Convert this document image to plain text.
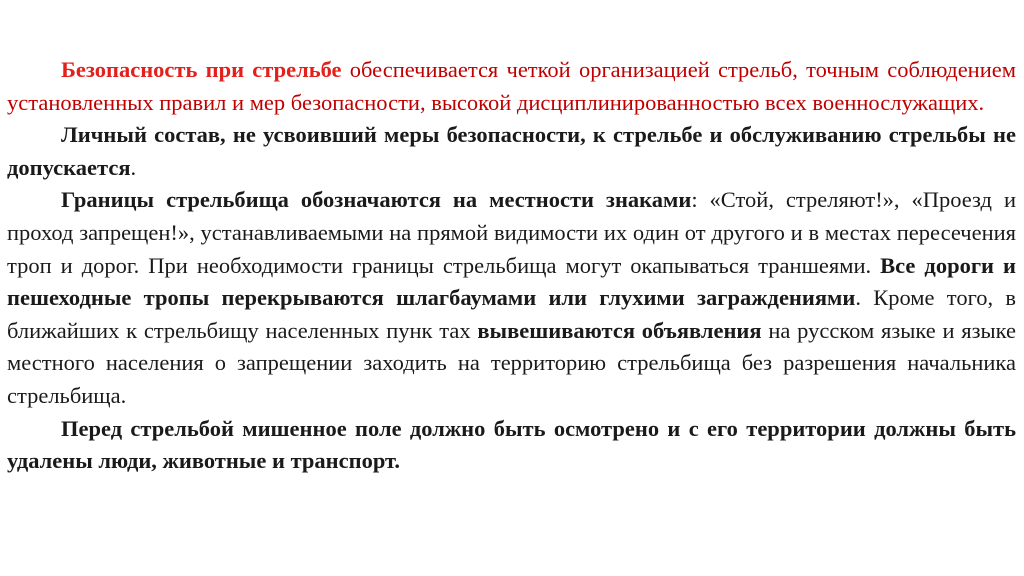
Безопасность при стрельбе обеспечивается четкой организацией стрельб, точным соблюдением установленных правил и мер безопасности, высокой дисциплинированностью всех военнослужащих.

Личный состав, не усвоивший меры безопасности, к стрельбе и обслуживанию стрельбы не допускается.

Границы стрельбища обозначаются на местности знаками: «Стой, стреляют!», «Проезд и проход запрещен!», устанавливаемыми на прямой видимости их один от другого и в местах пересечения троп и дорог. При необходимости границы стрельбища могут окапываться траншеями. Все дороги и пешеходные тропы перекрываются шлагбаумами или глухими заграждениями. Кроме того, в ближайших к стрельбищу населенных пунк тах вывешиваются объявления на русском языке и языке местного населения о запрещении заходить на территорию стрельбища без разрешения начальника стрельбища.

Перед стрельбой мишенное поле должно быть осмотрено и с его территории должны быть удалены люди, животные и транспорт.
